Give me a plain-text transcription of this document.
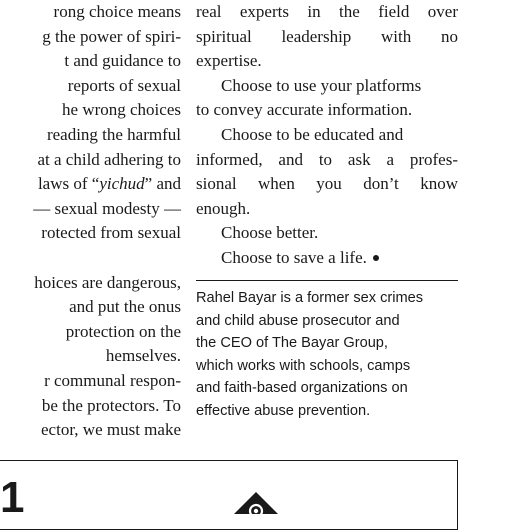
rong choice means
g the power of spiri-
t and guidance to
reports of sexual
he wrong choices
reading the harmful
at a child adhering to
laws of “yichud” and
— sexual modesty —
rotected from sexual
hoices are dangerous,
and put the onus
protection on the
hemselves.
r communal respon-
be the protectors. To
ector, we must make
real experts in the field over
spiritual leadership with no
expertise.
Choose to use your platforms
to convey accurate information.
Choose to be educated and
informed, and to ask a profes-
sional when you don’t know
enough.
Choose better.
Choose to save a life.
Rahel Bayar is a former sex crimes
and child abuse prosecutor and
the CEO of The Bayar Group,
which works with schools, camps
and faith-based organizations on
effective abuse prevention.
1
